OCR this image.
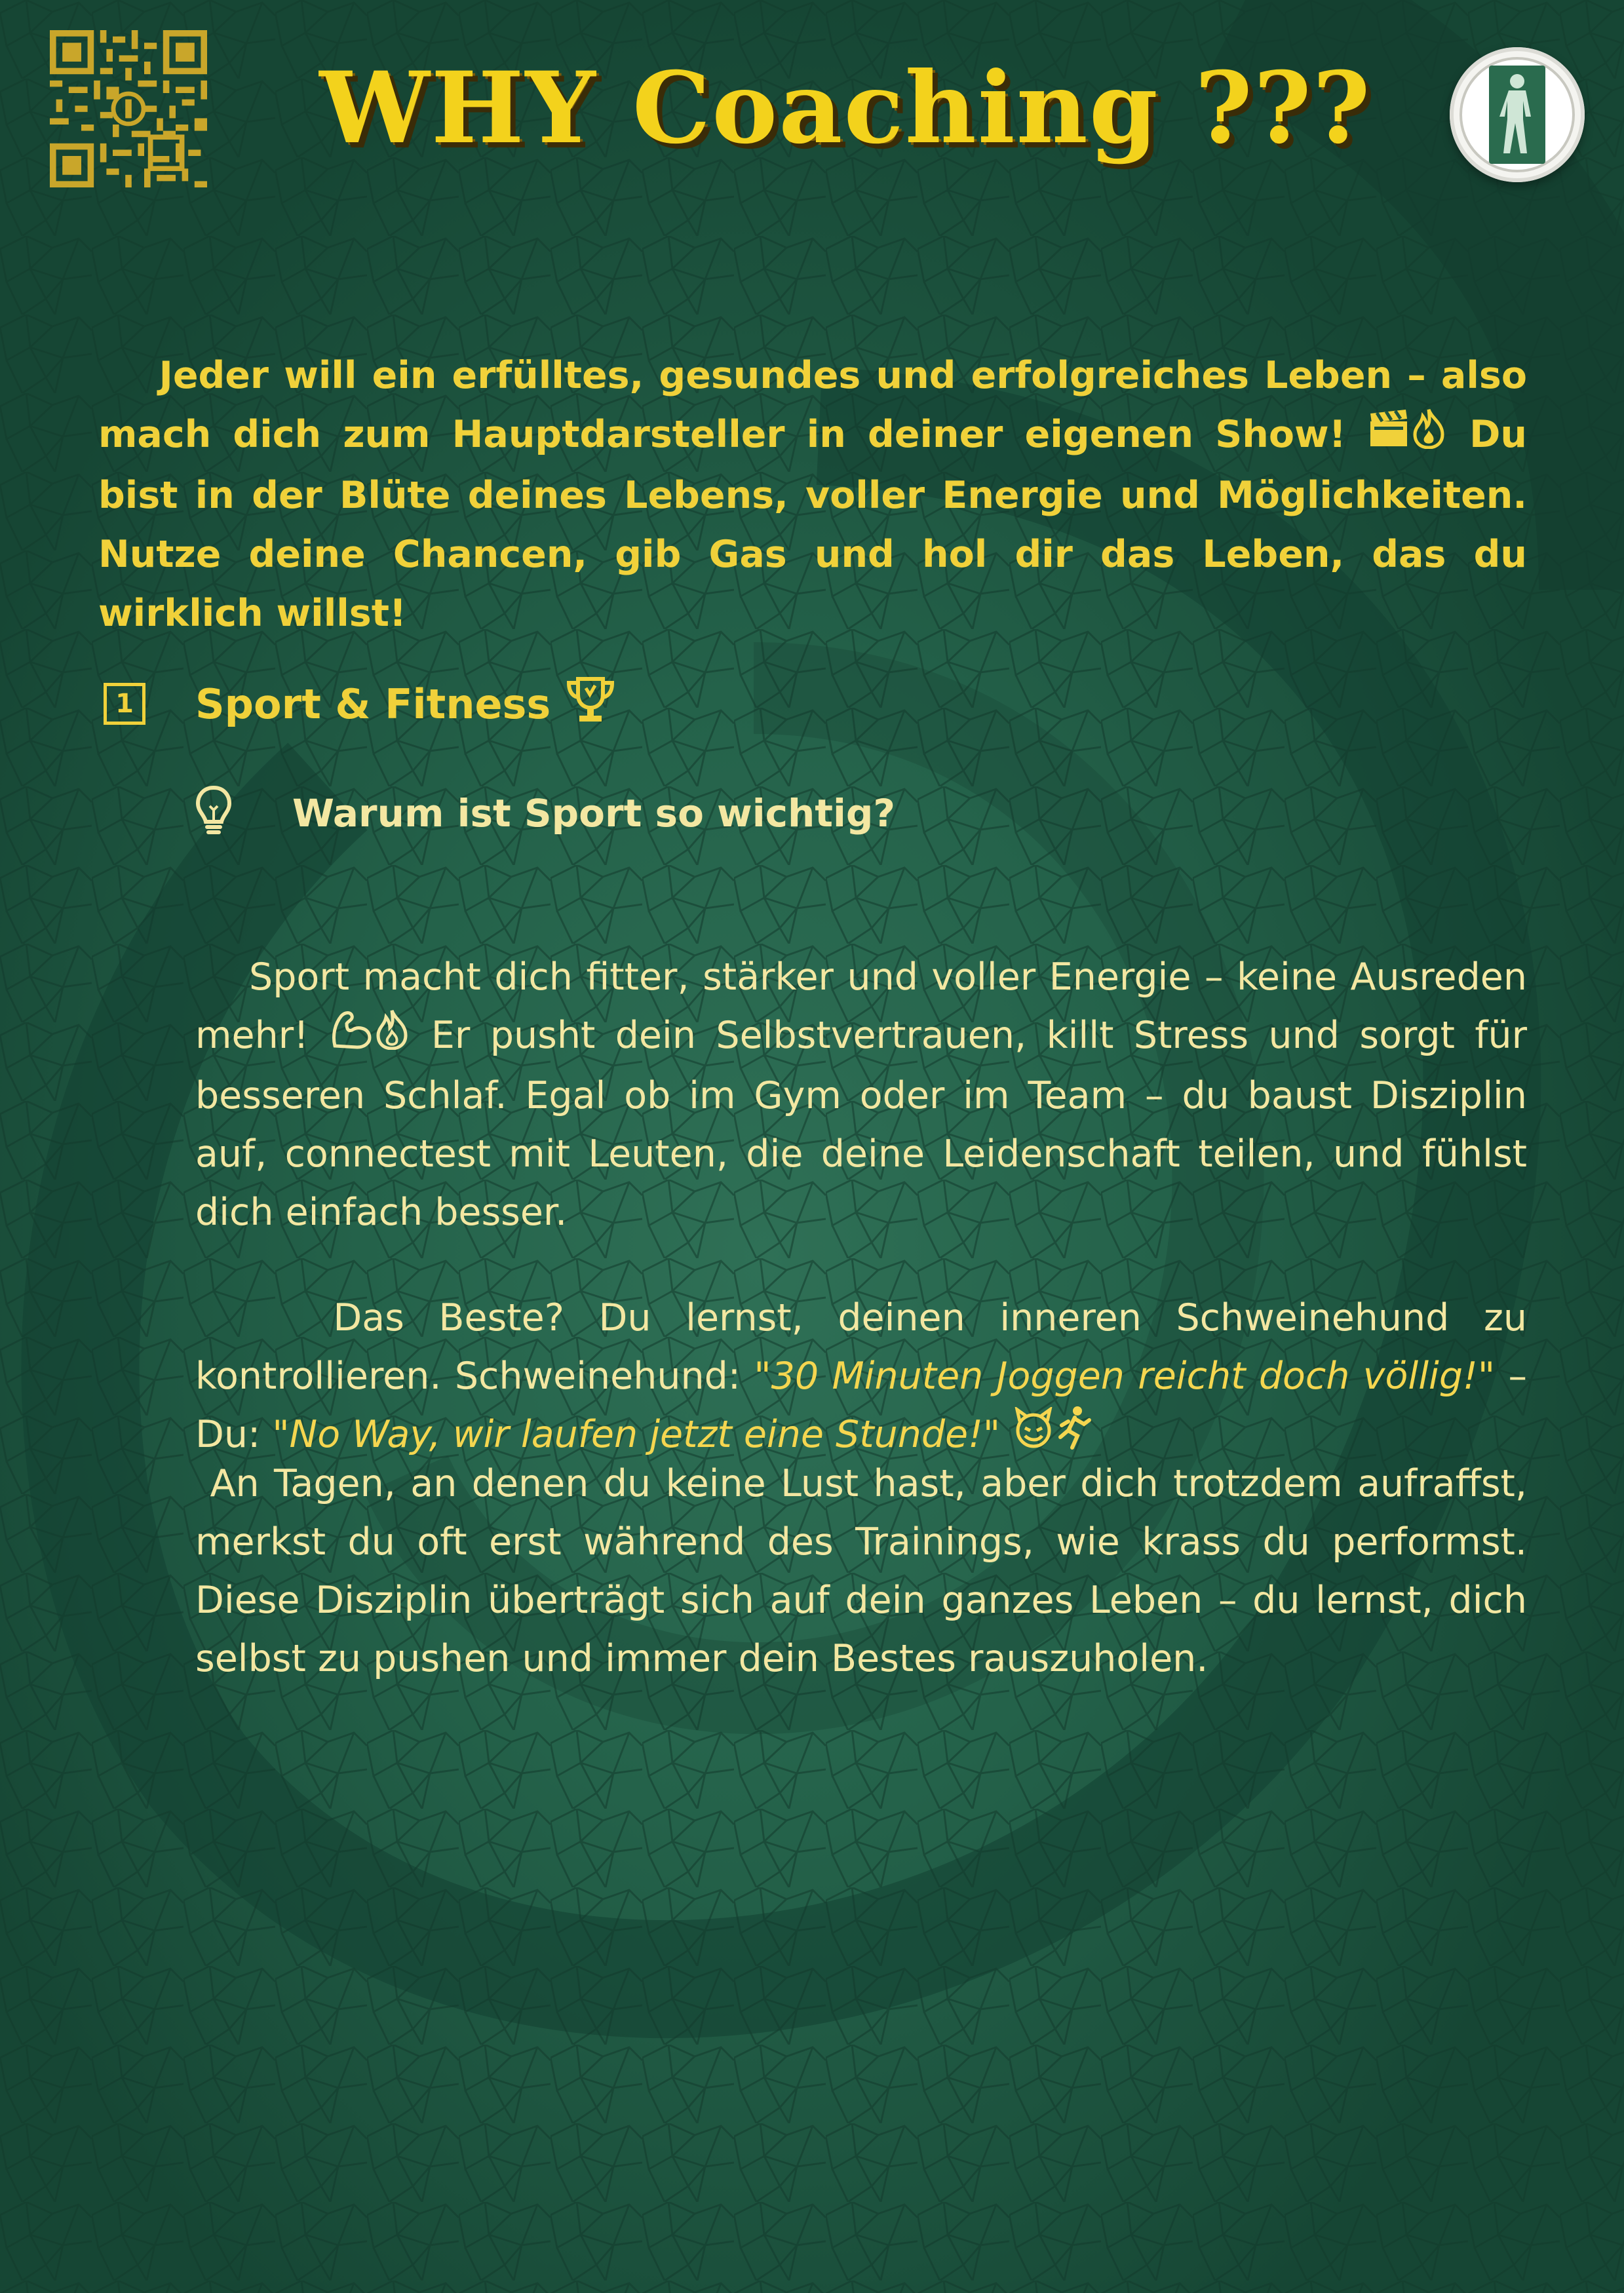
WHY Coaching ???

Jeder will ein erfülltes, gesundes und erfolgreiches Leben – also mach dich zum Hauptdarsteller in deiner eigenen Show!  Du bist in der Blüte deines Lebens, voller Energie und Möglichkeiten. Nutze deine Chancen, gib Gas und hol dir das Leben, das du wirklich willst!

1 Sport & Fitness
Warum ist Sport so wichtig?

Sport macht dich fitter, stärker und voller Energie – keine Ausreden mehr!  Er pusht dein Selbstvertrauen, killt Stress und sorgt für besseren Schlaf. Egal ob im Gym oder im Team – du baust Disziplin auf, connectest mit Leuten, die deine Leidenschaft teilen, und fühlst dich einfach besser.

Das Beste? Du lernst, deinen inneren Schweinehund zu kontrollieren. Schweinehund: "30 Minuten Joggen reicht doch völlig!" – Du: "No Way, wir laufen jetzt eine Stunde!"

An Tagen, an denen du keine Lust hast, aber dich trotzdem aufraffst, merkst du oft erst während des Trainings, wie krass du performst. Diese Disziplin überträgt sich auf dein ganzes Leben – du lernst, dich selbst zu pushen und immer dein Bestes rauszuholen.
